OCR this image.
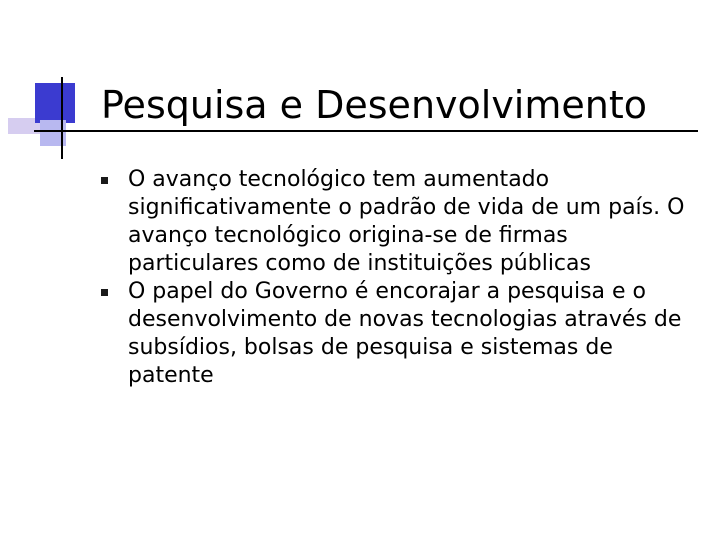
Pesquisa e Desenvolvimento
O avanço tecnológico tem aumentado significativamente o padrão de vida de um país. O avanço tecnológico origina-se de firmas particulares como de instituições públicas
O papel do Governo é encorajar a pesquisa e o desenvolvimento de novas tecnologias através de subsídios, bolsas de pesquisa e sistemas de patente
